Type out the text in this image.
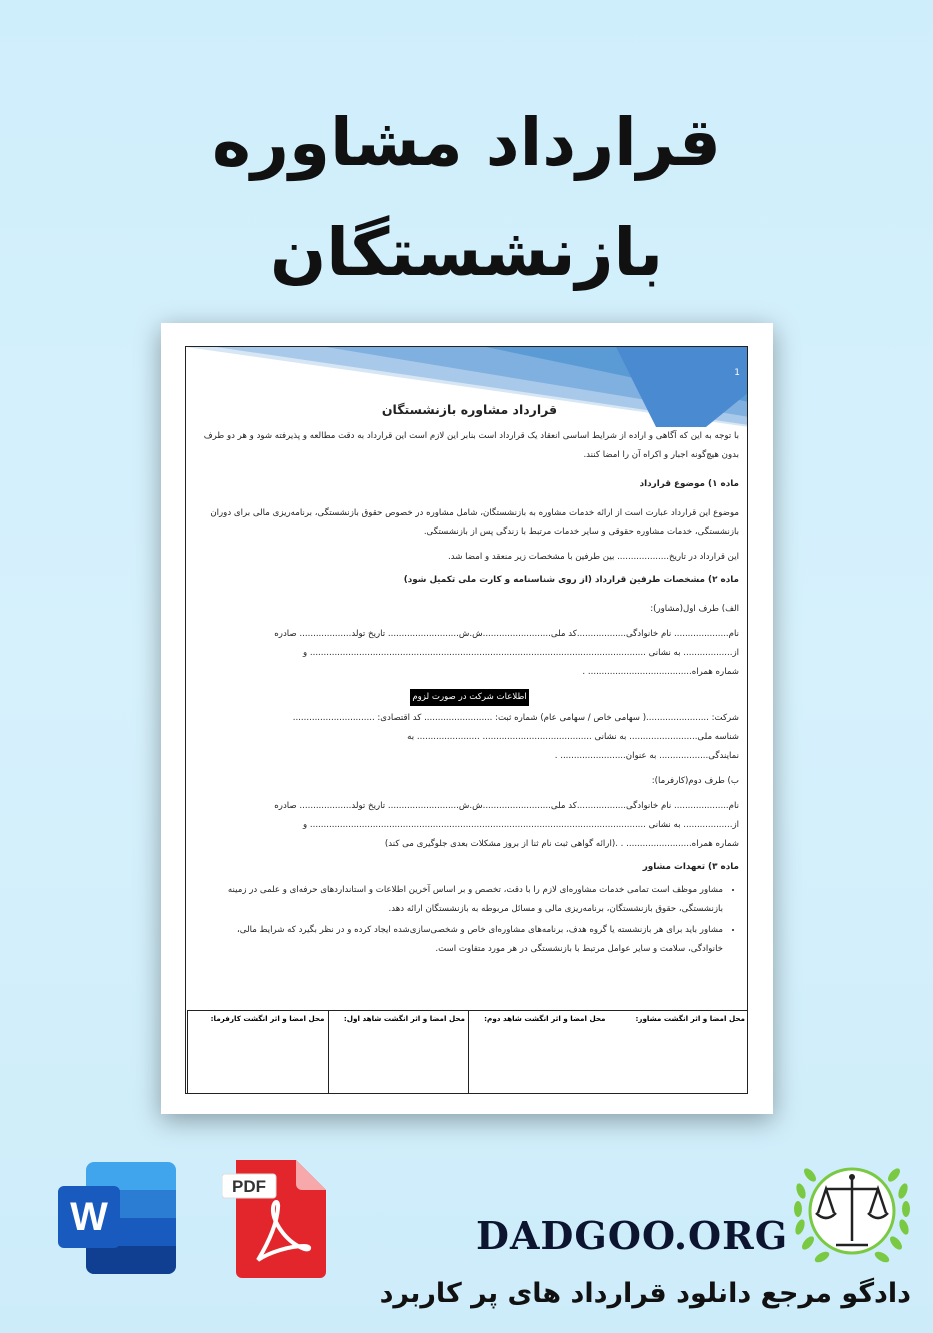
قرارداد مشاوره
بازنشستگان
1

قرارداد مشاوره بازنشستگان

با توجه به این که آگاهی و اراده از شرایط اساسی انعقاد یک قرارداد است بنابر این لازم است این قرارداد به دقت مطالعه و پذیرفته شود و هر دو طرف بدون هیچ‌گونه اجبار و اکراه آن را امضا کنند.

ماده ۱) موضوع قرارداد

موضوع این قرارداد عبارت است از ارائه خدمات مشاوره به بازنشستگان، شامل مشاوره در خصوص حقوق بازنشستگی، برنامه‌ریزی مالی برای دوران بازنشستگی، خدمات مشاوره حقوقی و سایر خدمات مرتبط با زندگی پس از بازنشستگی.

این قرارداد در تاریخ................... بین طرفین با مشخصات زیر منعقد و امضا شد.

ماده ۲) مشخصات طرفین قرارداد (از روی شناسنامه و کارت ملی تکمیل شود)

الف) طرف اول(مشاور):

نام.................... نام خانوادگی..................کد ملی.........................ش.ش.......................... تاریخ تولد................... صادره

از.................. به نشانی ........................................................................................................................... و

شماره همراه...................................... .

اطلاعات شرکت در صورت لزوم

شرکت: .......................( سهامی خاص / سهامی عام) شماره ثبت: ......................... کد اقتصادی: ..............................

شناسه ملی......................... به نشانی ........................................ ....................... به

نمایندگی.................. به عنوان........................ .

ب) طرف دوم(کارفرما):

نام.................... نام خانوادگی..................کد ملی.........................ش.ش.......................... تاریخ تولد................... صادره

از.................. به نشانی ........................................................................................................................... و

شماره همراه........................ . .(ارائه گواهی ثبت نام ثنا از بروز مشکلات بعدی جلوگیری می کند)

ماده ۳) تعهدات مشاور

• مشاور موظف است تمامی خدمات مشاوره‌ای لازم را با دقت، تخصص و بر اساس آخرین اطلاعات و استانداردهای حرفه‌ای و علمی در زمینه بازنشستگی، حقوق بازنشستگان، برنامه‌ریزی مالی و مسائل مربوطه به بازنشستگان ارائه دهد.
• مشاور باید برای هر بازنشسته یا گروه هدف، برنامه‌های مشاوره‌ای خاص و شخصی‌سازی‌شده ایجاد کرده و در نظر بگیرد که شرایط مالی، خانوادگی، سلامت و سایر عوامل مرتبط با بازنشستگی در هر مورد متفاوت است.
محل امضا و اثر انگشت کارفرما:	محل امضا و اثر انگشت شاهد اول:	محل امضا و اثر انگشت شاهد دوم:	محل امضا و اثر انگشت مشاور:
W
PDF
DADGOO.ORG
دادگو مرجع دانلود قرارداد های پر کاربرد
